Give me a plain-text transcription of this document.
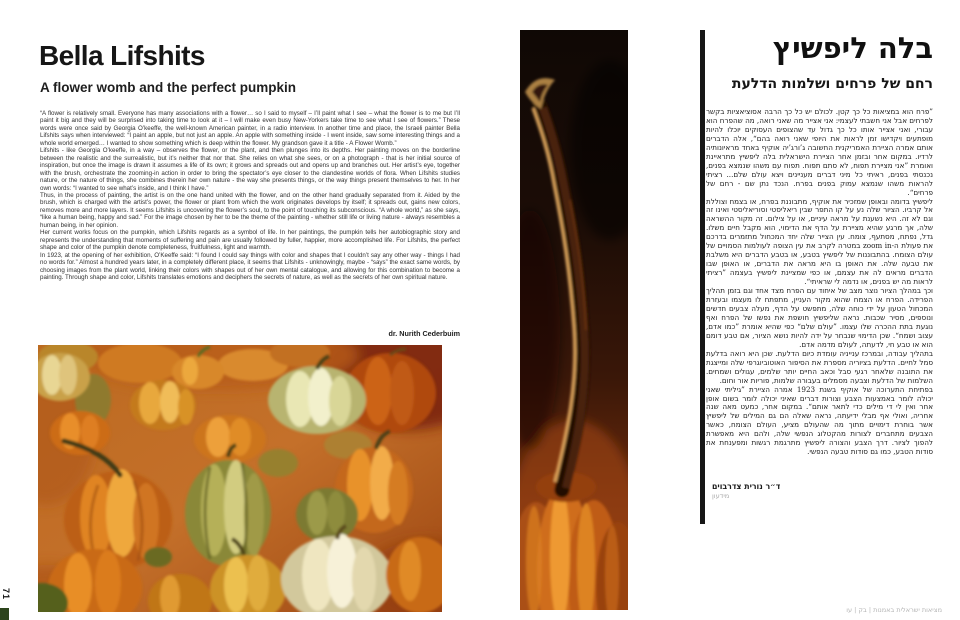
Bella Lifshits
A flower womb and the perfect pumpkin

“A flower is relatively small. Everyone has many associations with a flower… so I said to myself – I’ll paint what I see – what the flower is to me but I’ll paint it big and they will be surprised into taking time to look at it – I will make even busy New-Yorkers take time to see what I see of flowers.” These words were once said by Georgia O’keeffe, the well-known American painter, in a radio interview. In another time and place, the Israeli painter Bella Lifshits says when interviewed: “I paint an apple, but not just an apple. An apple with something inside - I went inside, saw some interesting things and a whole world emerged… I wanted to show something which is deep within the flower. My grandson gave it a title - A Flower Womb.”

Lifshits - like Georgia O’keeffe, in a way – observes the flower, or the plant, and then plunges into its depths. Her painting moves on the borderline between the realistic and the surrealistic, but it’s neither that nor that. She relies on what she sees, or on a photograph - that is her initial source of inspiration, but once the image is drawn it assumes a life of its own; it grows and spreads out and opens up and branches out. Her artist’s eye, together with the brush, orchestrate the zooming-in action in order to bring the spectator’s eye closer to the clandestine worlds of flora. When Lifshits studies nature, or the nature of things, she combines therein her own nature - the way she presents things, or the way things present themselves to her. In her own words: “I wanted to see what’s inside, and I think I have.”

Thus, in the process of painting, the artist is on the one hand united with the flower, and on the other hand gradually separated from it. Aided by the brush, which is charged with the artist’s power, the flower or plant from which the work originates develops by itself; it spreads out, gains new colors, removes more and more layers. It seems Lifshits is uncovering the flower’s soul, to the point of touching its subconscious. “A whole world,” as she says, “like a human being, happy and sad.” For the image chosen by her to be the theme of the painting - whether still life or living nature - always resembles a human being, in her opinion.

Her current works focus on the pumpkin, which Lifshits regards as a symbol of life. In her paintings, the pumpkin tells her autobiographic story and represents the understanding that moments of suffering and pain are usually followed by fuller, happier, more accomplished life. For Lifshits, the perfect shape and color of the pumpkin denote completeness, fruitfulness, light and warmth.

In 1923, at the opening of her exhibition, O’Keeffe said: “I found I could say things with color and shapes that I couldn’t say any other way - things I had no words for.” Almost a hundred years later, in a completely different place, it seems that Lifshits - unknowingly, maybe - “says” the exact same words, by choosing images from the plant world, linking their colors with shapes out of her own mental catalogue, and allowing for this combination to become a painting. Through shape and color, Lifshits translates emotions and deciphers the secrets of nature, as well as the secrets of her own spiritual nature.

dr. Nurith Cederbuim
71
בלה ליפשיץ
רחם של פרחים ושלמות הדלעת

”פרח הוא במציאות כל כך קטן. לכולם יש כל כך הרבה אסוציאציות בקשר לפרחים אבל אני חשבתי לעצמי: אני אצייר מה שאני רואה, מה שהפרח הוא עבורי, ואני אצייר אותו כל כך גדול עד שהצופים העסוקים יוכלו להיות מופתעים ויקדישו זמן לראות את היופי שאני רואה בהם“, אלה הדברים אותם אמרה הציירת האמריקנית החשובה ג’ורג’יה אוקיף באחד מראיונותיה לרדיו. במקום אחר ובזמן אחר הציירת הישראלית בלה ליפשיץ מתראיינת ואומרת ”אני מציירת תפוח, לא סתם תפוח. תפוח עם משהו שנמצא בפנים, נכנסתי בפנים, ראיתי כל מיני דברים מעניינים ויצא עולם שלם... רציתי להראות משהו שנמצא עמוק בפנים בפרח. הנכד נתן שם - רחם של פרחים“.

ליפשיץ בדומה ובאופן שמזכיר את אוקיף, מתבוננת בפרח, או בצמח וצוללת אל קרביו. הציור שלה נע על קו התפר שבין ריאליסטי וסוריאליסטי ואינו זה וגם לא זה. היא נשענת על מראה עיניים, או על צילום. זה מקור ההשראה שלה, אך מרגע שהיא מציירת על הדף את הדימוי, הוא מקבל חיים משלו. גדל, נפתח, מסתעף, צומח. עין הצייר שלה יחד המכחול מתזמרים בדרכם את פעולת ה-zoom in במטרה לקרב את עין הצופה לעולמות הסמויים של עולם הצומח. בהתבוננות של ליפשיץ בטבע, או בטבע הדברים היא משלבת את טבעה שלה. את האופן בו היא מראה את הדברים, או האופן שבו הדברים מראים לה את עצמם, או כפי שמציינת ליפשיץ בעצמה ”רציתי לראות מה יש בפנים, או נדמה לי שראיתי“.

וכך במהלך הציור נוצר מצב של איחוד עם הפרח מצד אחד וגם בזמן תהליך הפרידה. הפרח או הצמח שהוא מקור העניין, מתפתח לו מעצמו ובעזרת המכחול הטעון על ידי כוחה שלה, מתפשט על הדף, מעלה צבעים חדשים ונוספים, מסיר שכבות. נראה שליפשיץ חושפת את נפשו של הפרח ואף נוגעת בתת ההכרה שלו עצמו. ”עולם שלם“ כפי שהיא אומרת ”כמו אדם, עצוב ושמח“. שכן הדימוי שנבחר על ידה להיות נושא הציור, אם טבע דומם הוא או טבע חי, לדעתה, לעולם מדמה אדם.

בתהליך עבודה, ובמרכז ענייניה עומדת כיום הדלעת. שכן היא רואה בדלעת סמל לחיים. הדלעת בציוריה מספרת את הסיפור האוטוביוגרפי שלה ומייצגת את התובנה שלאחר רגעי סבל וכאב החיים יותר שלמים, עגולים ושמחים. השלמות של הדלעת וצבעה מסמלים בעבורה שלמות, פוריות אור וחום.

בפתיחת התערוכה של אוקיף בשנת 1923 אמרה הציירת ”גיליתי שאני יכולה לומר באמצעות הצבע וצורות דברים שאיני יכולה לומר בשום אופן אחר ואין לי די מילים כדי לתאר אותם“. במקום אחר, כמעט מאה שנה אחריה, ואולי אף מבלי ידיעתה, נראה שאלה הם גם המילים של ליפשיץ אשר בוחרת דימויים מתוך מה שהעולם מציע, העולם הצומח, כאשר הצבעים מתחברים לצורות מהקטלוג הנפשי שלה, ולהם היא מאפשרת להפוך לציור. דרך הצבע והצורה ליפשיץ מתרגמת רגשות ומפענחת את סודות הטבע, כמו גם סודות טבעה הנפשי.

ד״ר נורית צדרבוים
מידעון
מציאות ישראלית באמנות | בק | עו
